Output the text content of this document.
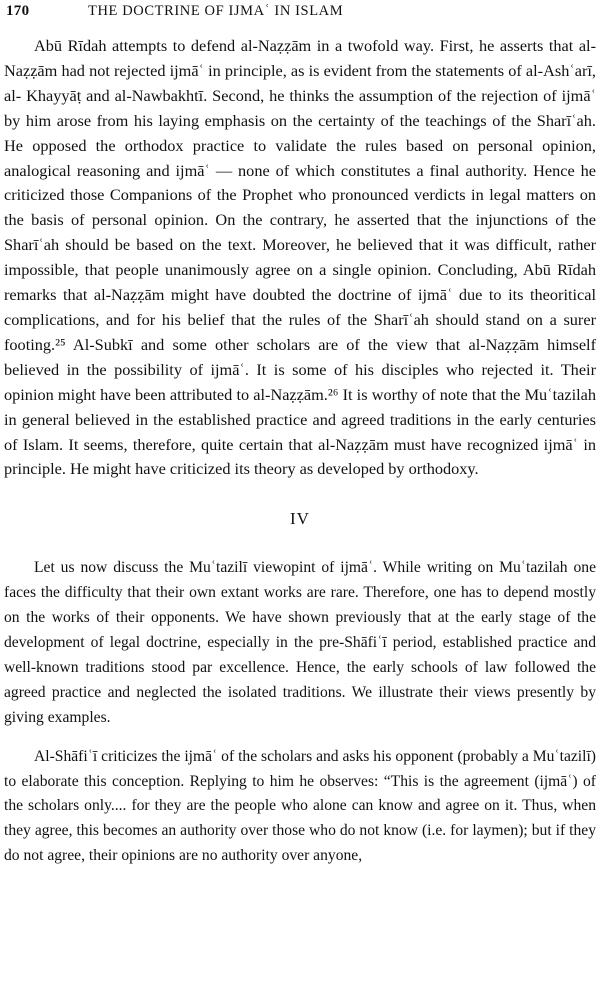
170	THE DOCTRINE OF IJMAʿ IN ISLAM

Abū Rīdah attempts to defend al-Naẓẓām in a twofold way. First, he asserts that al-Naẓẓām had not rejected ijmāʿ in principle, as is evident from the statements of al-Ashʿarī, al- Khayyāṭ and al-Nawbakhtī. Second, he thinks the assumption of the rejection of ijmāʿ by him arose from his laying emphasis on the certainty of the teachings of the Sharīʿah. He opposed the orthodox practice to validate the rules based on personal opinion, analogical reasoning and ijmāʿ — none of which constitutes a final authority. Hence he criticized those Companions of the Prophet who pronounced verdicts in legal matters on the basis of personal opinion. On the contrary, he asserted that the injunctions of the Sharīʿah should be based on the text. Moreover, he believed that it was difficult, rather impossible, that people unanimously agree on a single opinion. Concluding, Abū Rīdah remarks that al-Naẓẓām might have doubted the doctrine of ijmāʿ due to its theoritical complications, and for his belief that the rules of the Sharīʿah should stand on a surer footing.²⁵ Al-Subkī and some other scholars are of the view that al-Naẓẓām himself believed in the possibility of ijmāʿ. It is some of his disciples who rejected it. Their opinion might have been attributed to al-Naẓẓām.²⁶ It is worthy of note that the Muʿtazilah in general believed in the established practice and agreed traditions in the early centuries of Islam. It seems, therefore, quite certain that al-Naẓẓām must have recognized ijmāʿ in principle. He might have criticized its theory as developed by orthodoxy.

IV

Let us now discuss the Muʿtazilī viewopint of ijmāʿ. While writing on Muʿtazilah one faces the difficulty that their own extant works are rare. Therefore, one has to depend mostly on the works of their opponents. We have shown previously that at the early stage of the development of legal doctrine, especially in the pre-Shāfiʿī period, established practice and well-known traditions stood par excellence. Hence, the early schools of law followed the agreed practice and neglected the isolated traditions. We illustrate their views presently by giving examples.

Al-Shāfiʿī criticizes the ijmāʿ of the scholars and asks his opponent (probably a Muʿtazilī) to elaborate this conception. Replying to him he observes: “This is the agreement (ijmāʿ) of the scholars only.... for they are the people who alone can know and agree on it. Thus, when they agree, this becomes an authority over those who do not know (i.e. for laymen); but if they do not agree, their opinions are no authority over anyone,
